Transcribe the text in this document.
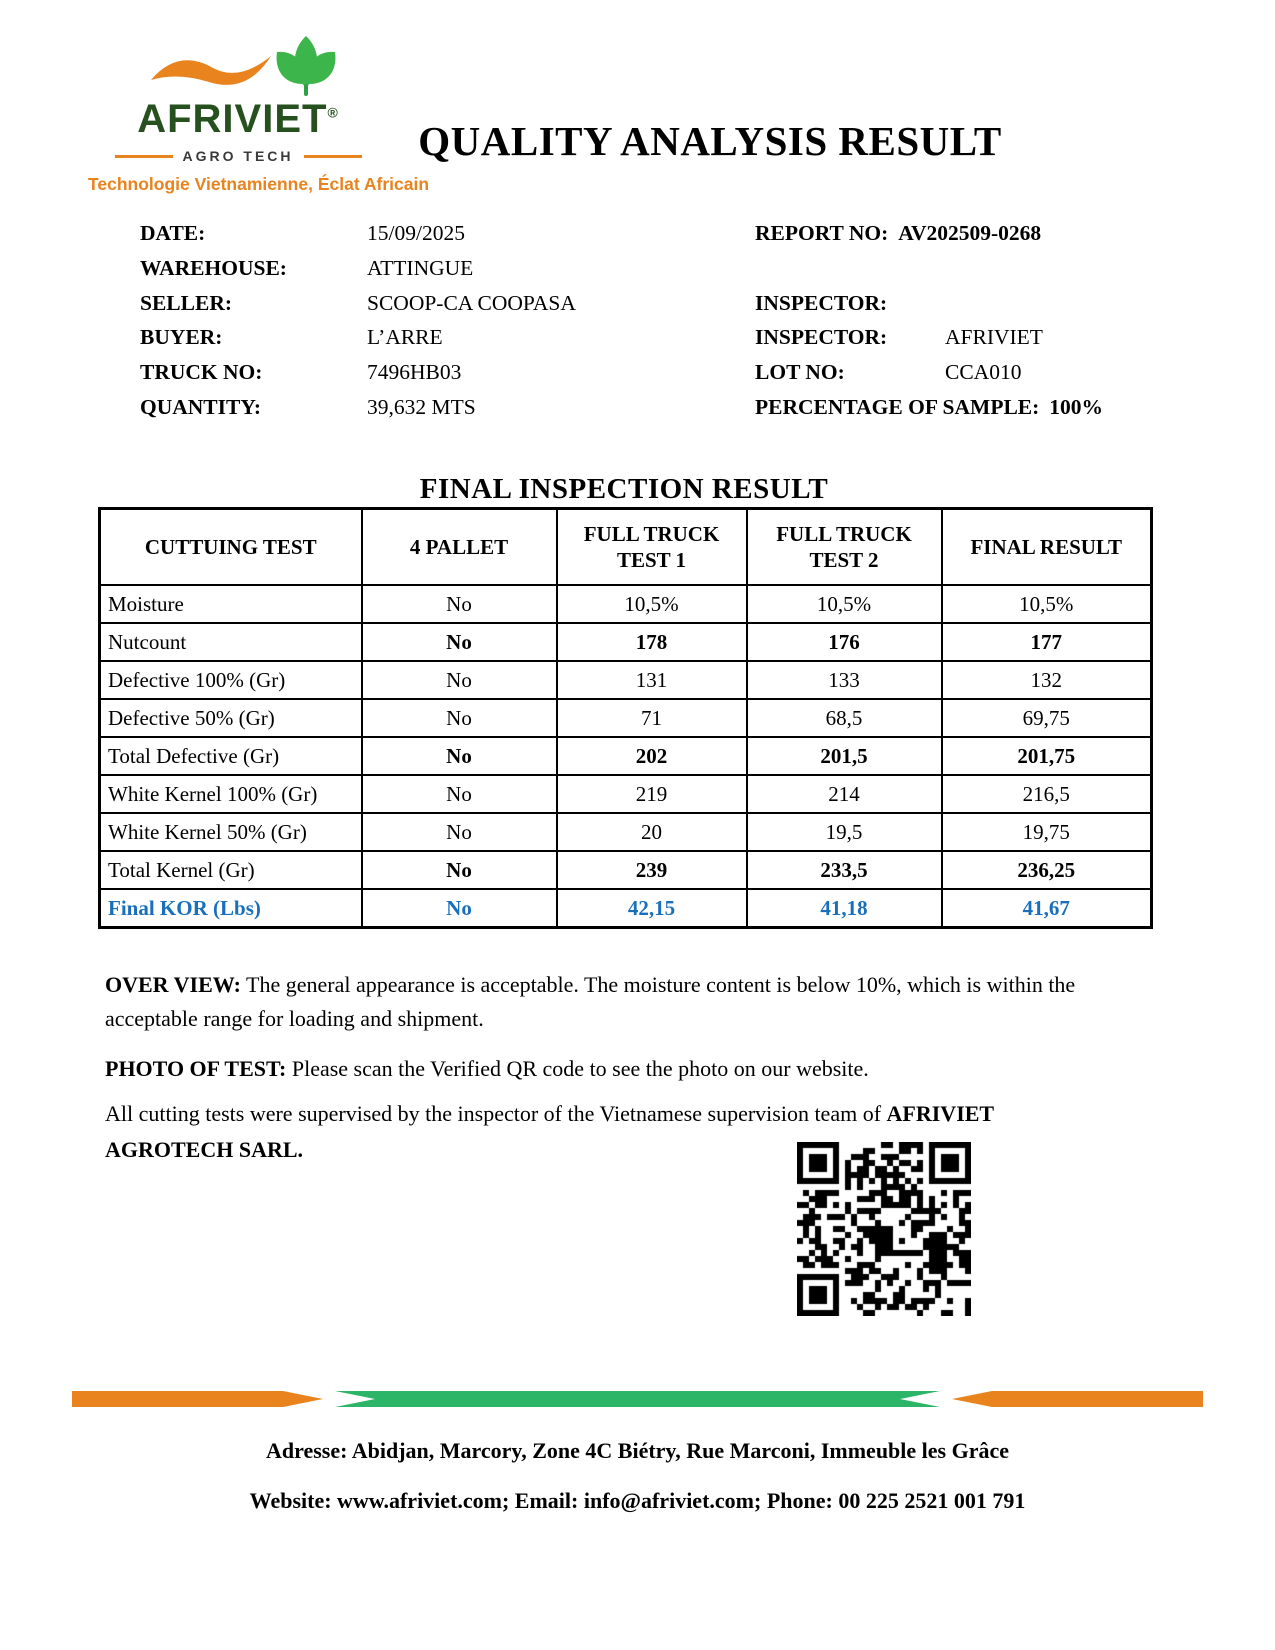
AFRIVIET®
AGRO TECH
Technologie Vietnamienne, Éclat Africain
QUALITY ANALYSIS RESULT
DATE:	15/09/2025
WAREHOUSE:	ATTINGUE
SELLER:	SCOOP-CA COOPASA
BUYER:	L’ARRE
TRUCK NO:	7496HB03
QUANTITY:	39,632 MTS
REPORT NO: AV202509-0268
INSPECTOR:
INSPECTOR:	AFRIVIET
LOT NO:	CCA010
PERCENTAGE OF SAMPLE: 100%
FINAL INSPECTION RESULT
CUTTUING TEST	4 PALLET	FULL TRUCK TEST 1	FULL TRUCK TEST 2	FINAL RESULT
Moisture	No	10,5%	10,5%	10,5%
Nutcount	No	178	176	177
Defective 100% (Gr)	No	131	133	132
Defective 50% (Gr)	No	71	68,5	69,75
Total Defective (Gr)	No	202	201,5	201,75
White Kernel 100% (Gr)	No	219	214	216,5
White Kernel 50% (Gr)	No	20	19,5	19,75
Total Kernel (Gr)	No	239	233,5	236,25
Final KOR (Lbs)	No	42,15	41,18	41,67

OVER VIEW: The general appearance is acceptable. The moisture content is below 10%, which is within the acceptable range for loading and shipment.

PHOTO OF TEST: Please scan the Verified QR code to see the photo on our website.

All cutting tests were supervised by the inspector of the Vietnamese supervision team of AFRIVIET AGROTECH SARL.

Adresse: Abidjan, Marcory, Zone 4C Biétry, Rue Marconi, Immeuble les Grâce
Website: www.afriviet.com; Email: info@afriviet.com; Phone: 00 225 2521 001 791
